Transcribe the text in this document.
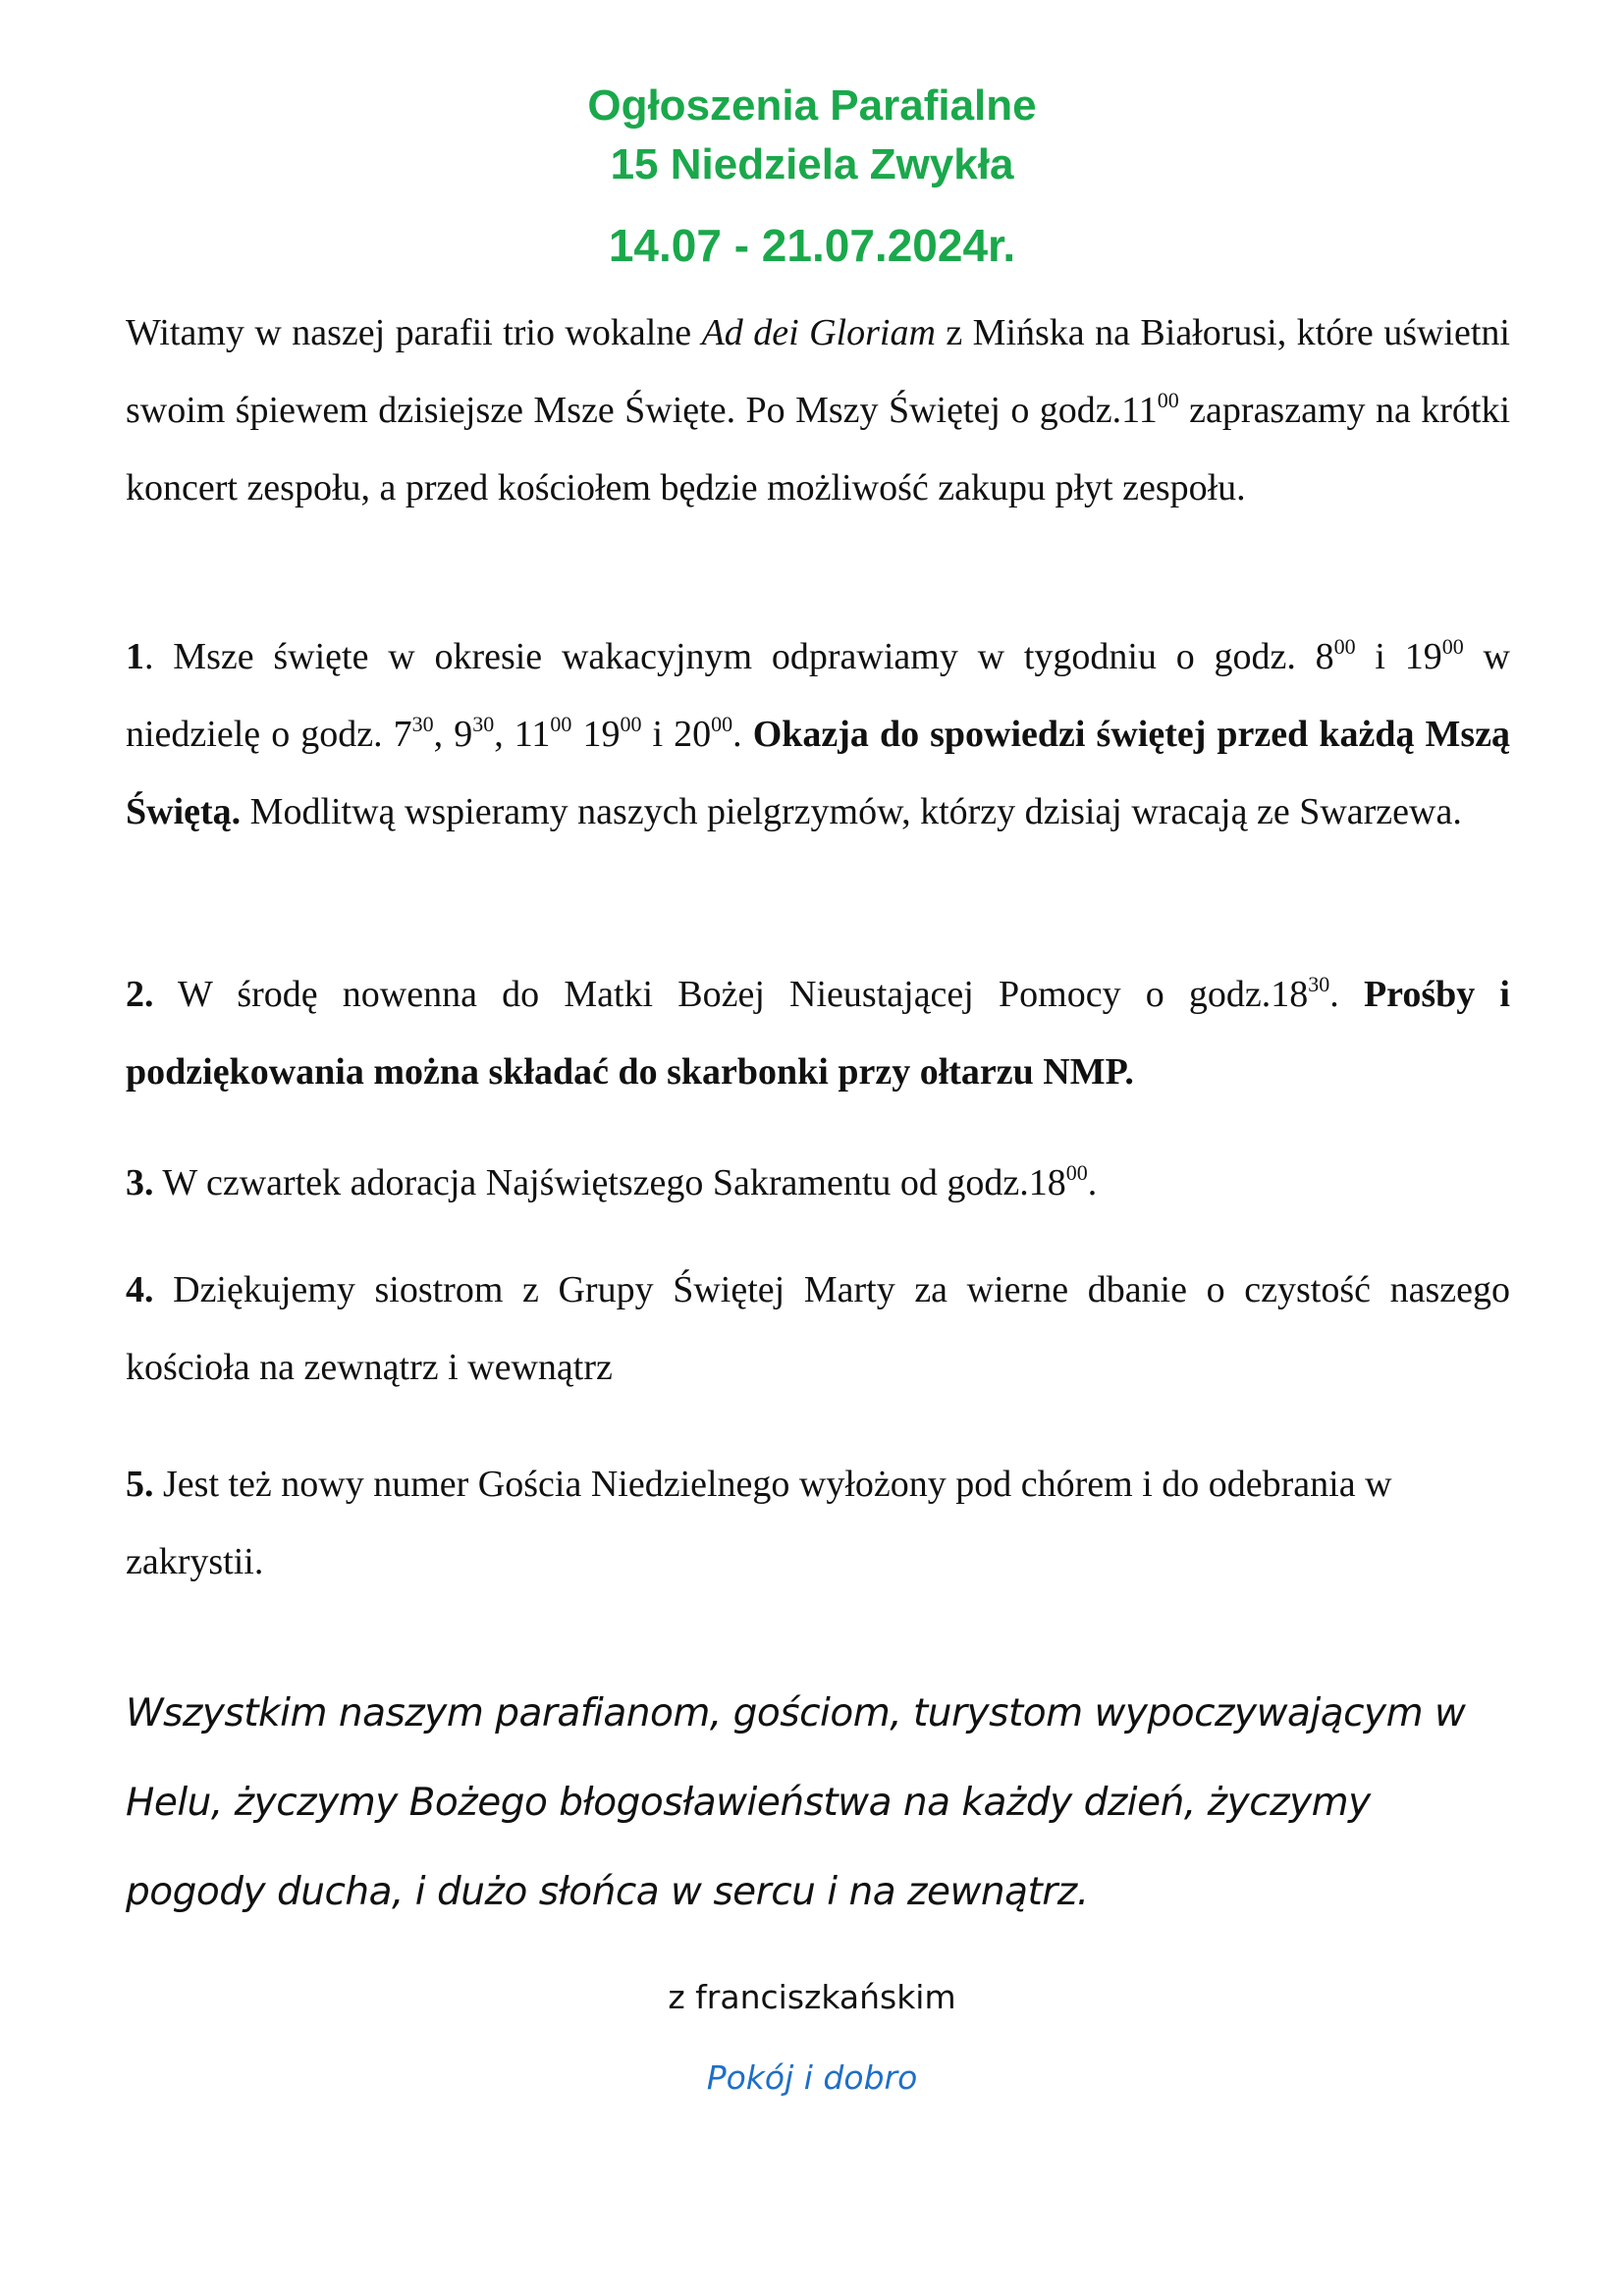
Ogłoszenia Parafialne
15 Niedziela Zwykła
14.07 - 21.07.2024r.

Witamy w naszej parafii trio wokalne Ad dei Gloriam z Mińska na Białorusi, które uświetni swoim śpiewem dzisiejsze Msze Święte. Po Mszy Świętej o $godz.11^{00}$ zapraszamy na krótki koncert zespołu, a przed kościołem będzie możliwość zakupu płyt zespołu.

1. Msze święte w okresie wakacyjnym odprawiamy w tygodniu o godz. $8^{00}$ i $19^{00}$ w niedzielę o godz. $7^{30}$, $9^{30}$, $11^{00}$ $19^{00}$ i $20^{00}$. Okazja do spowiedzi świętej przed każdą Mszą Świętą. Modlitwą wspieramy naszych pielgrzymów, którzy dzisiaj wracają ze Swarzewa.

2. W środę nowenna do Matki Bożej Nieustającej Pomocy o $godz.18^{30}$. Prośby i podziękowania można składać do skarbonki przy ołtarzu NMP.

3. W czwartek adoracja Najświętszego Sakramentu od $godz.18^{00}$.

4. Dziękujemy siostrom z Grupy Świętej Marty za wierne dbanie o czystość naszego kościoła na zewnątrz i wewnątrz

5. Jest też nowy numer Gościa Niedzielnego wyłożony pod chórem i do odebrania w zakrystii.

Wszystkim naszym parafianom, gościom, turystom wypoczywającym w Helu, życzymy Bożego błogosławieństwa na każdy dzień, życzymy pogody ducha, i dużo słońca w sercu i na zewnątrz.

z franciszkańskim
Pokój i dobro
